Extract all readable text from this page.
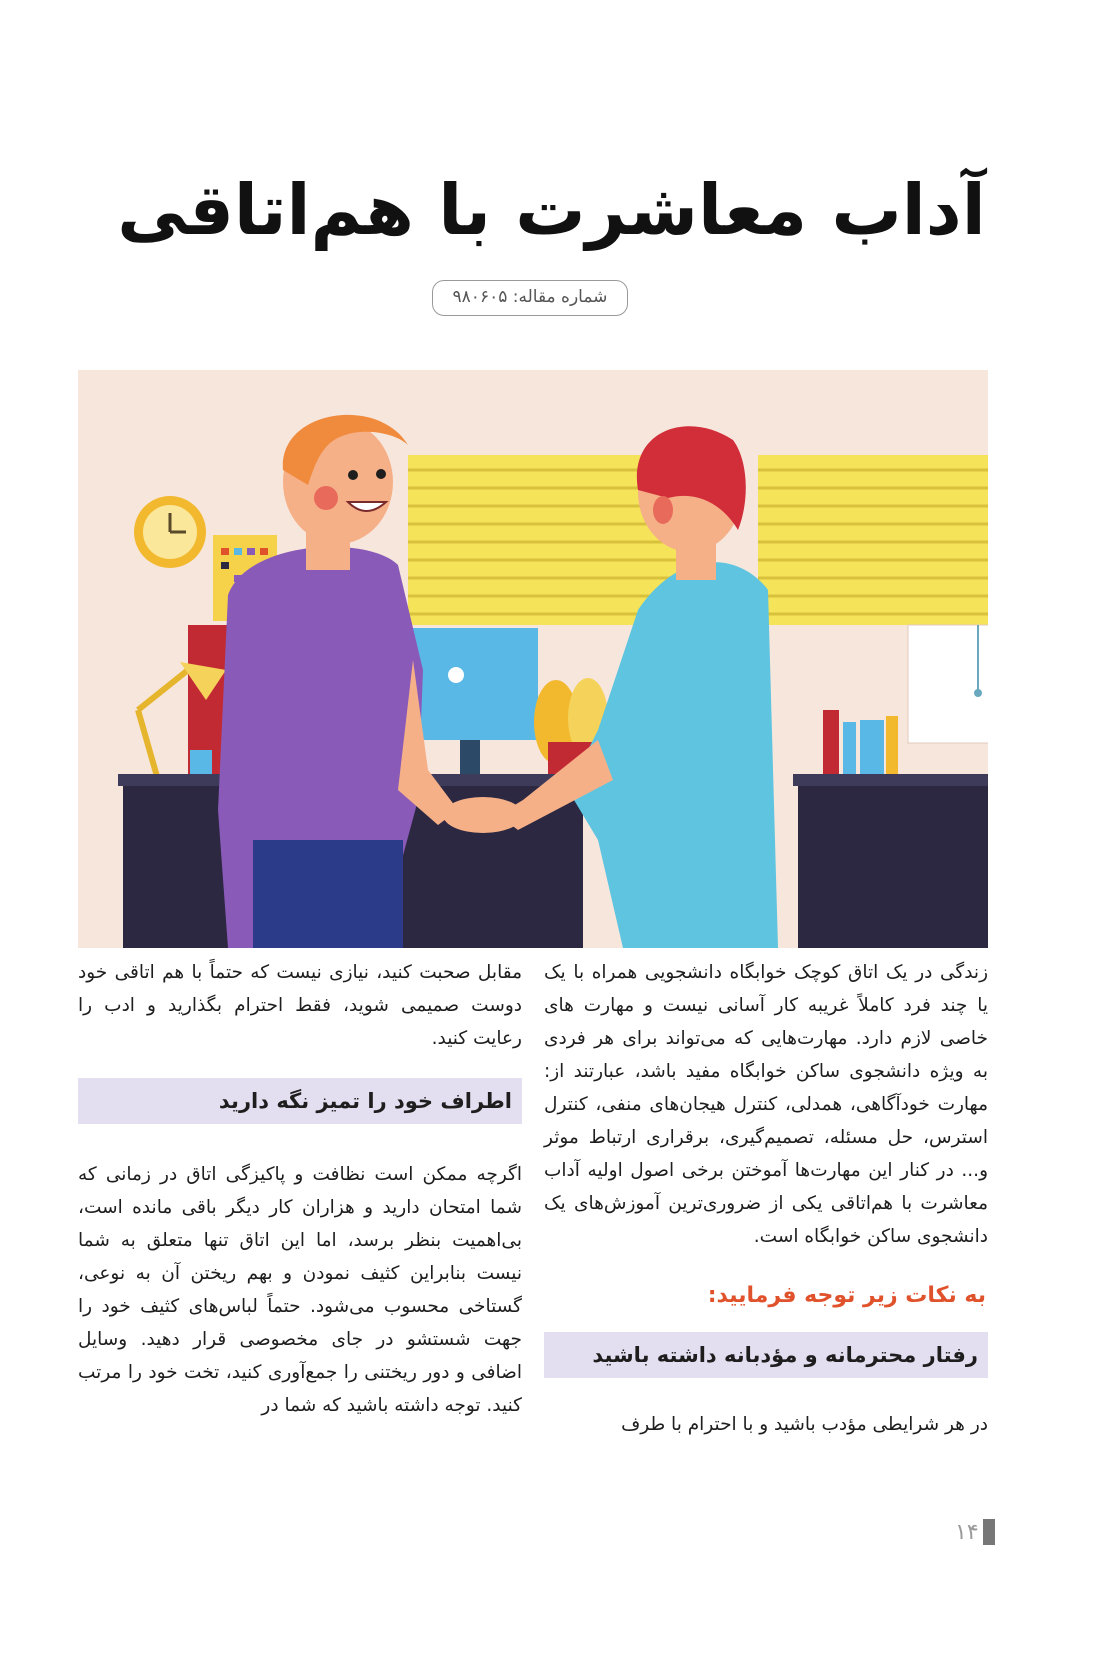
آداب معاشرت با هم‌اتاقی
شماره مقاله: ۹۸۰۶۰۵

زندگی در یک اتاق کوچک خوابگاه دانشجویی همراه با یک یا چند فرد کاملاً غریبه کار آسانی نیست و مهارت های خاصی لازم دارد. مهارت‌هایی که می‌تواند برای هر فردی به ویژه دانشجوی ساکن خوابگاه مفید باشد، عبارتند از: مهارت خودآگاهی، همدلی، کنترل هیجان‌های منفی، کنترل استرس، حل مسئله، تصمیم‌گیری، برقراری ارتباط موثر و... در کنار این مهارت‌ها آموختن برخی اصول اولیه آداب معاشرت با هم‌اتاقی یکی از ضروری‌ترین آموزش‌های یک دانشجوی ساکن خوابگاه است.

به نکات زیر توجه فرمایید:
رفتار محترمانه و مؤدبانه داشته باشید

در هر شرایطی مؤدب باشید و با احترام با طرف

مقابل صحبت کنید، نیازی نیست که حتماً با هم اتاقی خود دوست صمیمی شوید، فقط احترام بگذارید و ادب را رعایت کنید.

اطراف خود را تمیز نگه دارید

اگرچه ممکن است نظافت و پاکیزگی اتاق در زمانی که شما امتحان دارید و هزاران کار دیگر باقی مانده است، بی‌اهمیت بنظر برسد، اما این اتاق تنها متعلق به شما نیست بنابراین کثیف نمودن و بهم ریختن آن به نوعی، گستاخی محسوب می‌شود. حتماً لباس‌های کثیف خود را جهت شستشو در جای مخصوصی قرار دهید. وسایل اضافی و دور ریختنی را جمع‌آوری کنید، تخت خود را مرتب کنید. توجه داشته باشید که شما در

۱۴
